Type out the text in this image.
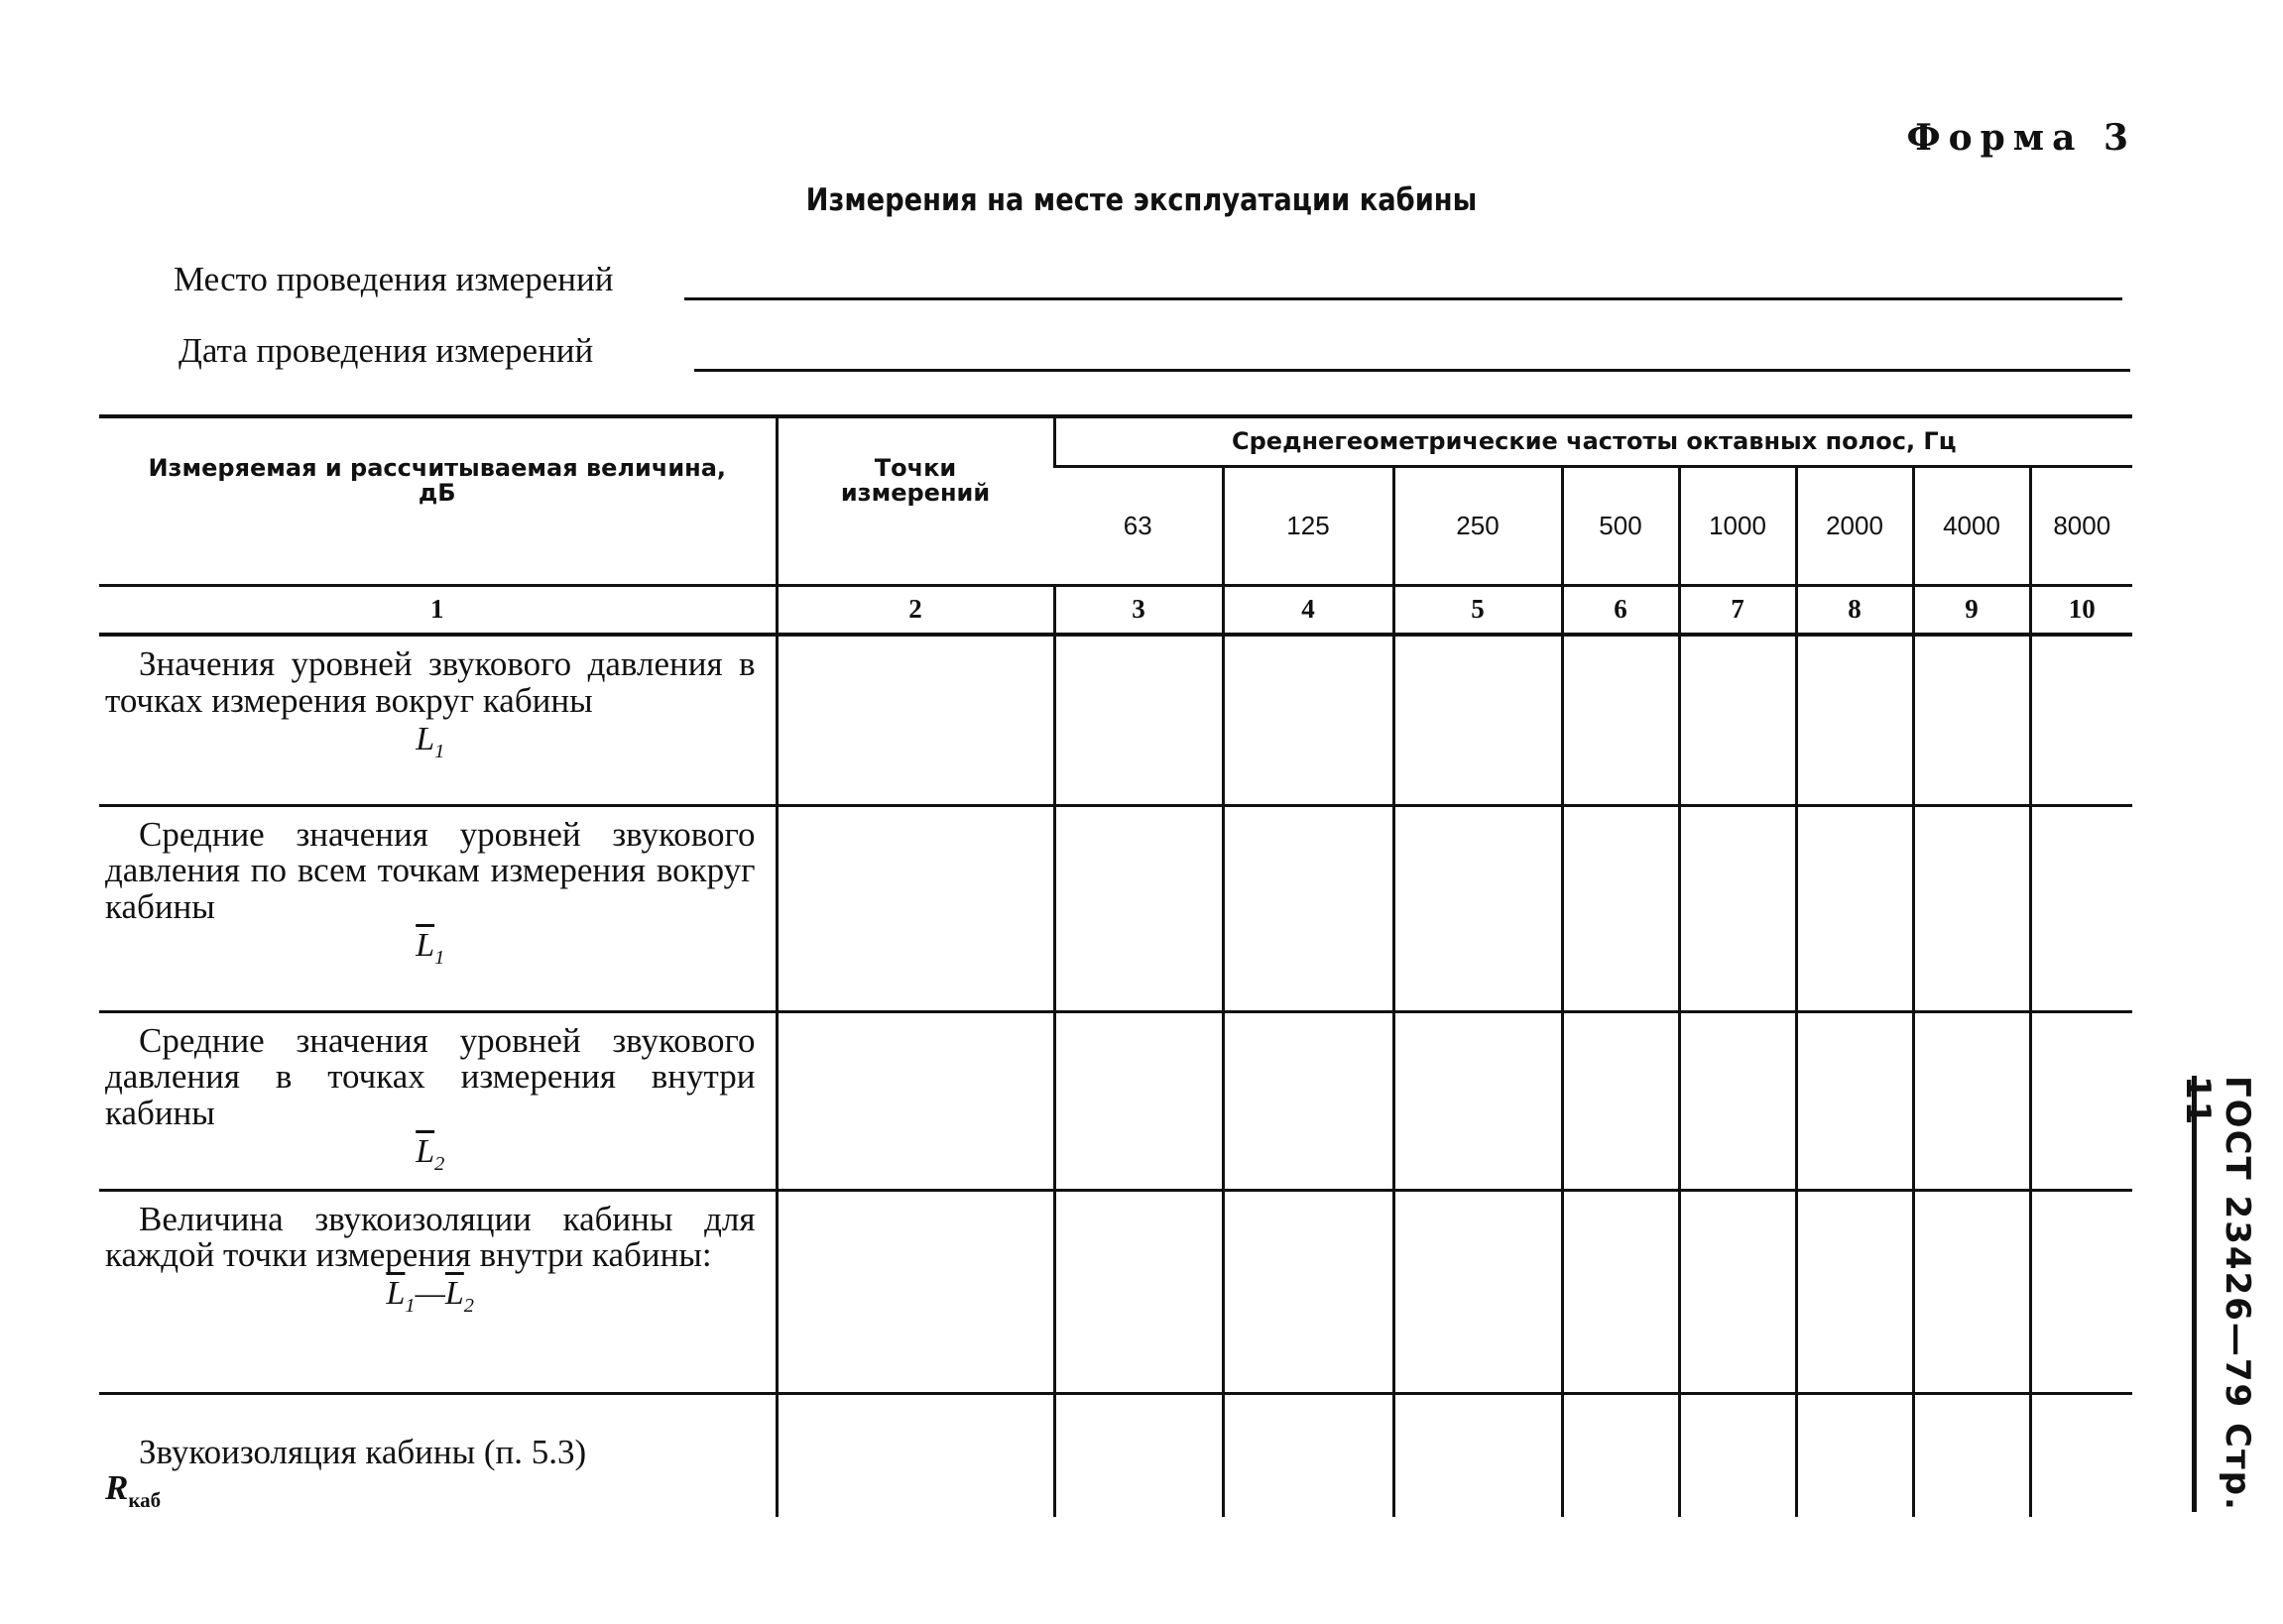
Форма 3
Измерения на месте эксплуатации кабины
Место проведения измерений
Дата проведения измерений
Измеряемая и рассчитываемая величина, дБ	Точки измерений	Среднегеометрические частоты октавных полос, Гц							
		63	125	250	500	1000	2000	4000	8000
1	2	3	4	5	6	7	8	9	10

Значения уровней звукового давления в точках измерения вокруг кабины
$L_1$

Средние значения уровней звукового давления по всем точкам измерения вокруг кабины
$\overline{L}_1$

Средние значения уровней звукового давления в точках измерения внутри кабины
$\overline{L}_2$

Величина звукоизоляции кабины для каждой точки измерения внутри кабины:
$\overline{L}_1—\overline{L}_2$

Звукоизоляция кабины (п. 5.3)
$R_{каб}$
										ГОСТ 23426—79 Стр. 11
